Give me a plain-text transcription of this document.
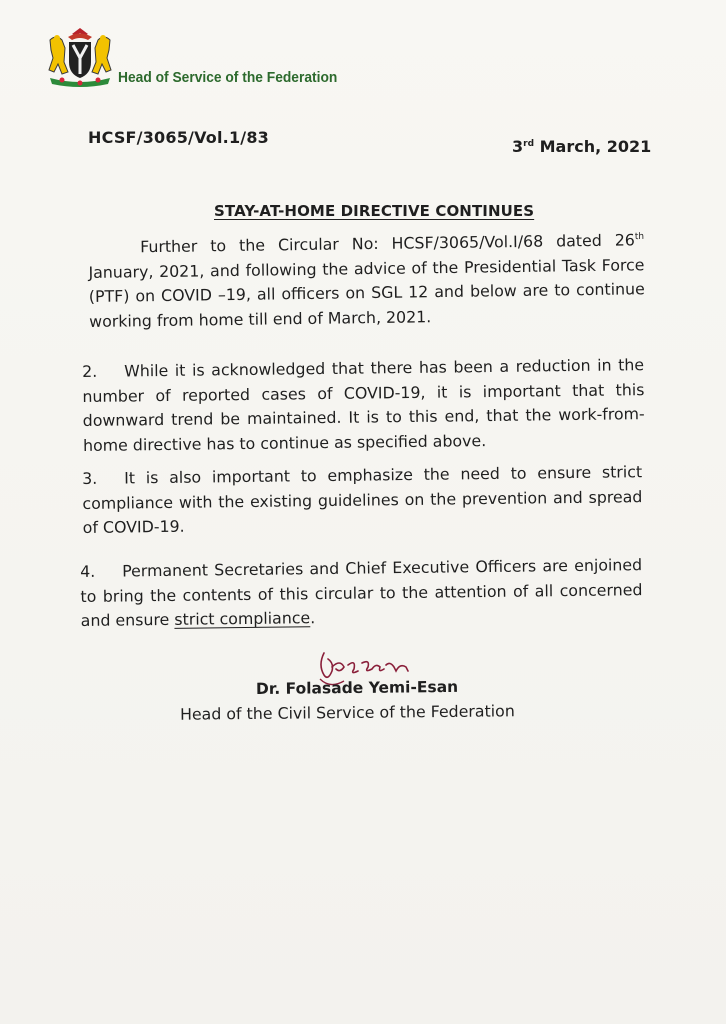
Head of Service of the Federation
HCSF/3065/Vol.1/83	3rd March, 2021
STAY-AT-HOME DIRECTIVE CONTINUES
Further to the Circular No: HCSF/3065/Vol.I/68 dated 26th January, 2021, and following the advice of the Presidential Task Force (PTF) on COVID –19, all officers on SGL 12 and below are to continue working from home till end of March, 2021.
2. While it is acknowledged that there has been a reduction in the number of reported cases of COVID-19, it is important that this downward trend be maintained. It is to this end, that the work-from-home directive has to continue as specified above.
3. It is also important to emphasize the need to ensure strict compliance with the existing guidelines on the prevention and spread of COVID-19.
4. Permanent Secretaries and Chief Executive Officers are enjoined to bring the contents of this circular to the attention of all concerned and ensure strict compliance.
Dr. Folasade Yemi-Esan
Head of the Civil Service of the Federation
